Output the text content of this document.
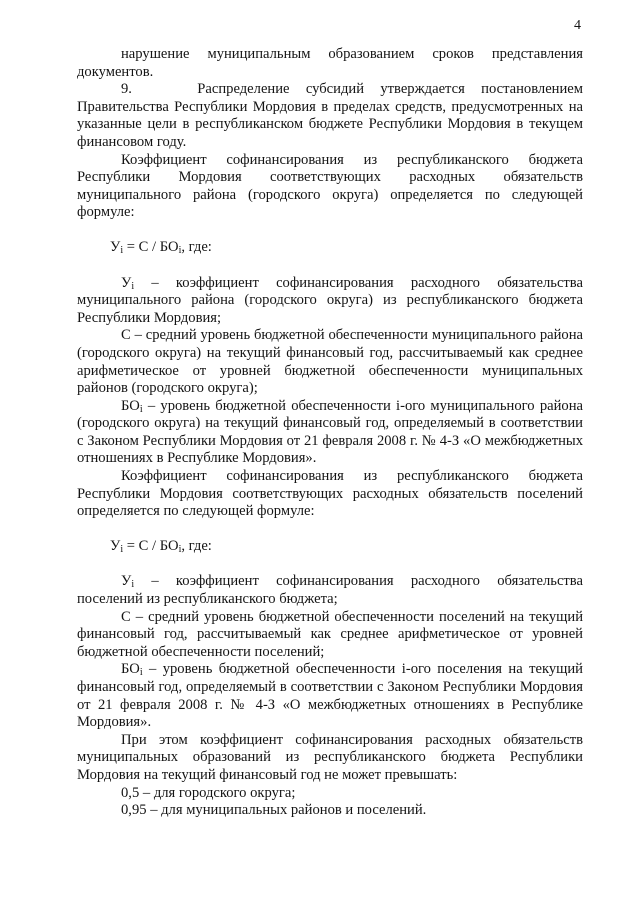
4

нарушение муниципальным образованием сроков представления документов.

9.	Распределение субсидий утверждается постановлением Правительства Республики Мордовия в пределах средств, предусмотренных на указанные цели в республиканском бюджете Республики Мордовия в текущем финансовом году.

Коэффициент софинансирования из республиканского бюджета Республики Мордовия соответствующих расходных обязательств муниципального района (городского округа) определяется по следующей формуле:

$У_i = С / БО_i$, где:

$У_i$ – коэффициент софинансирования расходного обязательства муниципального района (городского округа) из республиканского бюджета Республики Мордовия;

С – средний уровень бюджетной обеспеченности муниципального района (городского округа) на текущий финансовый год, рассчитываемый как среднее арифметическое от уровней бюджетной обеспеченности муниципальных районов (городского округа);

$БО_i$ – уровень бюджетной обеспеченности i-ого муниципального района (городского округа) на текущий финансовый год, определяемый в соответствии с Законом Республики Мордовия от 21 февраля 2008 г. № 4-З «О межбюджетных отношениях в Республике Мордовия».

Коэффициент софинансирования из республиканского бюджета Республики Мордовия соответствующих расходных обязательств поселений определяется по следующей формуле:

$У_i = С / БО_i$, где:

$У_i$ – коэффициент софинансирования расходного обязательства поселений из республиканского бюджета;

С – средний уровень бюджетной обеспеченности поселений на текущий финансовый год, рассчитываемый как среднее арифметическое от уровней бюджетной обеспеченности поселений;

$БО_i$ – уровень бюджетной обеспеченности i-ого поселения на текущий финансовый год, определяемый в соответствии с Законом Республики Мордовия от 21 февраля 2008 г. № 4-З «О межбюджетных отношениях в Республике Мордовия».

При этом коэффициент софинансирования расходных обязательств муниципальных образований из республиканского бюджета Республики Мордовия на текущий финансовый год не может превышать:

0,5 – для городского округа;

0,95 – для муниципальных районов и поселений.
